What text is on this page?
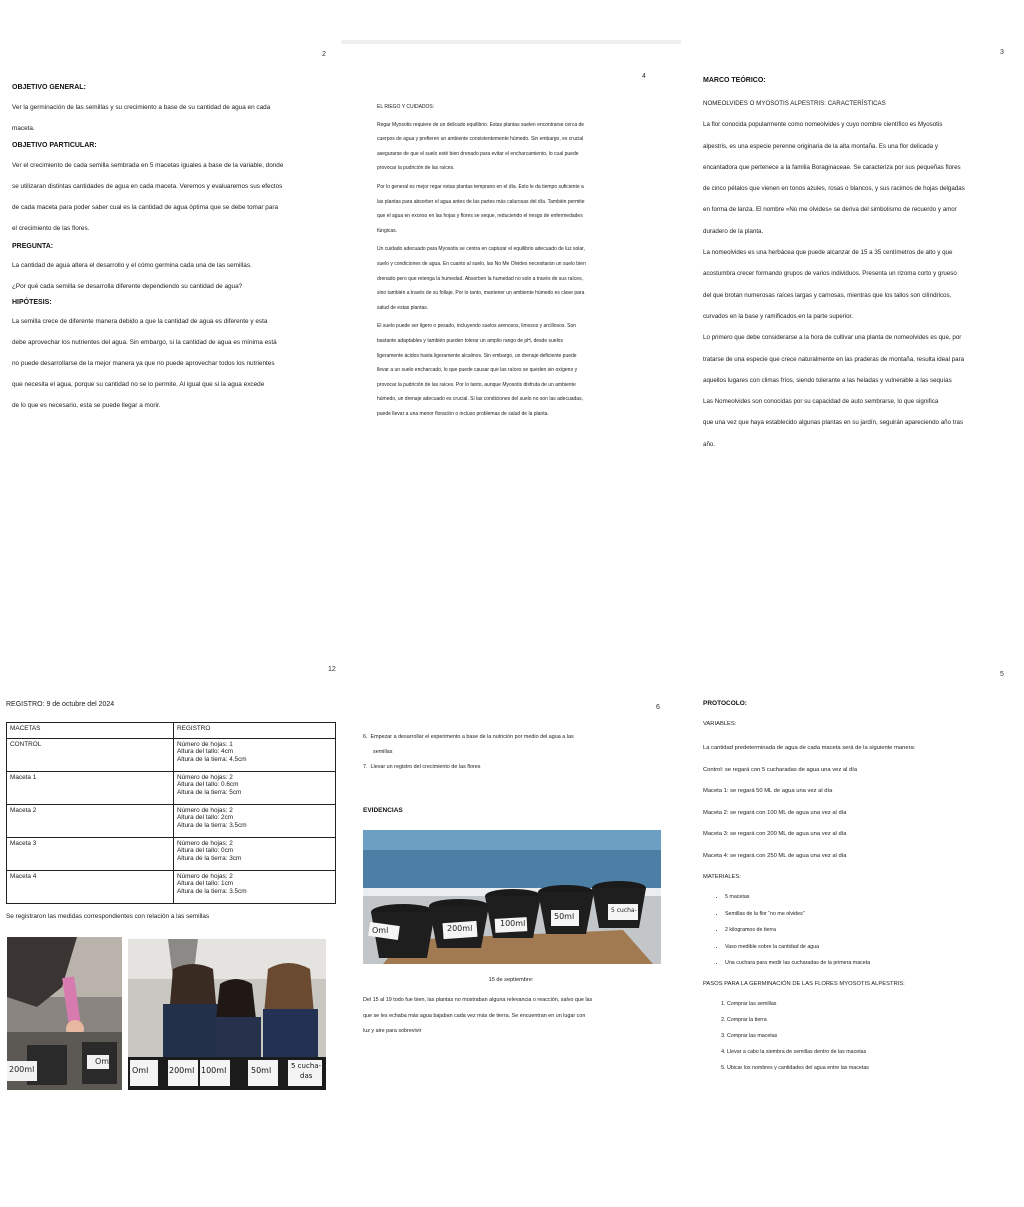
2

OBJETIVO GENERAL:

Ver la germinación de las semillas y su crecimiento a base de su cantidad de agua en cada

maceta.

OBJETIVO PARTICULAR:

Ver el crecimiento de cada semilla sembrada en 5 macetas iguales a base de la variable, donde

se utilizaran distintas cantidades de agua en cada maceta. Veremos y evaluaremos sus efectos

de cada maceta para poder saber cual es la cantidad de agua óptima que se debe tomar para

el crecimiento de las flores.

PREGUNTA:

La cantidad de agua altera el desarrollo y el cómo germina cada una de las semillas.

¿Por qué cada semilla se desarrolla diferente dependiendo su cantidad de agua?

HIPÓTESIS:

La semilla crece de diferente manera debido a que la cantidad de agua es diferente y esta

debe aprovechar los nutrientes del agua. Sin embargo, si la cantidad de agua es mínima está

no puede desarrollarse de la mejor manera ya que no puede aprovechar todos los nutrientes

que necesita el agua, porque su cantidad no se lo permite. Al igual que si la agua excede

de lo que es necesario, esta se puede llegar a morir.

4

EL RIEGO Y CUIDADOS:

Regar Myosotis requiere de un delicado equilibrio. Estas plantas suelen encontrarse cerca de

cuerpos de agua y prefieren un ambiente consistentemente húmedo. Sin embargo, es crucial

asegurarse de que el suelo esté bien drenado para evitar el encharcamiento, lo cual puede

provocar la pudrición de las raíces.

Por lo general es mejor regar estas plantas temprano en el día. Esto le da tiempo suficiente a

las plantas para absorber el agua antes de las partes más calurosas del día. También permite

que el agua en exceso en las hojas y flores se seque, reduciendo el riesgo de enfermedades

fúngicas.

Un cuidado adecuado para Myosotis se centra en capturar el equilibrio adecuado de luz solar,

suelo y condiciones de agua. En cuanto al suelo, las No Me Olvides necesitarán un suelo bien

drenado pero que retenga la humedad. Absorben la humedad no solo a través de sus raíces,

sino también a través de su follaje. Por lo tanto, mantener un ambiente húmedo es clave para

salud de estas plantas.

El suelo puede ser ligero o pesado, incluyendo suelos arenosos, limosos y arcillosos. Son

bastante adaptables y también pueden tolerar un amplio rango de pH, desde suelos

ligeramente ácidos hasta ligeramente alcalinos. Sin embargo, un drenaje deficiente puede

llevar a un suelo encharcado, lo que puede causar que las raíces se queden sin oxígeno y

provocar la pudrición de las raíces. Por lo tanto, aunque Myosotis disfruta de un ambiente

húmedo, un drenaje adecuado es crucial. Si las condiciones del suelo no son las adecuadas,

puede llevar a una menor floración o incluso problemas de salud de la planta.

3

MARCO TEÓRICO:

NOMEOLVIDES O MYOSOTIS ALPESTRIS: CARACTERÍSTICAS

La flor conocida popularmente como nomeolvides y cuyo nombre científico es Myosotis

alpestris, es una especie perenne originaria de la alta montaña. Es una flor delicada y

encantadora que pertenece a la familia Boraginaceae. Se caracteriza por sus pequeñas flores

de cinco pétalos que vienen en tonos azules, rosas o blancos, y sus racimos de hojas delgadas

en forma de lanza. El nombre «No me olvides» se deriva del simbolismo de recuerdo y amor

duradero de la planta.

La nomeolvides es una herbácea que puede alcanzar de 15 a 35 centímetros de alto y que

acostumbra crecer formando grupos de varios individuos. Presenta un rizoma corto y grueso

del que brotan numerosas raíces largas y carnosas, mientras que los tallos son cilíndricos,

curvados en la base y ramificados en la parte superior.

Lo primero que debe considerarse a la hora de cultivar una planta de nomeolvides es que, por

tratarse de una especie que crece naturalmente en las praderas de montaña, resulta ideal para

aquellos lugares con climas fríos, siendo tolerante a las heladas y vulnerable a las sequías

Las Nomeolvides son conocidas por su capacidad de auto sembrarse, lo que significa

que una vez que haya establecido algunas plantas en su jardín, seguirán apareciendo año tras

año.

12

REGISTRO: 9 de octubre del 2024

MACETAS	REGISTRO
CONTROL	Número de hojas: 1
Altura del tallo: 4cm
Altura de la tierra: 4.5cm

Maceta 1	Número de hojas: 2
Altura del tallo: 0.6cm
Altura de la tierra: 5cm

Maceta 2	Número de hojas: 2
Altura del tallo: 2cm
Altura de la tierra: 3.5cm

Maceta 3	Número de hojas: 2
Altura del tallo: 0cm
Altura de la tierra: 3cm

Maceta 4	Número de hojas: 2
Altura del tallo: 1cm
Altura de la tierra: 3.5cm

Se registraron las medidas correspondientes con relación a las semillas

Oml
200ml	Oml	200ml 100ml	50ml	5 cucha-
das
6

6. Empezar a desarrollar el experimento a base de la nutrición por medio del agua a las

semillas

7. Llevar un registro del crecimiento de las flores

EVIDENCIAS

200ml
100ml
50ml
Oml
5 cucha-

15 de septiembre:

Del 15 al 19 todo fue bien, las plantas no mostraban alguna relevancia o reacción, salvo que las

que se les echaba más agua bajaban cada vez más de tierra. Se encuentran en un lugar con

luz y aire para sobrevivir

5

PROTOCOLO:

VARIABLES:

La cantidad predeterminada de agua de cada maceta será de la siguiente manera:

Control: se regará con 5 cucharadas de agua una vez al día

Maceta 1: se regará 50 ML de agua una vez al día

Maceta 2: se regará con 100 ML de agua una vez al día

Maceta 3: se regará con 200 ML de agua una vez al día

Maceta 4: se regará con 250 ML de agua una vez al día

MATERIALES:

• 5 macetas
• Semillas de la flor “no me olvides”
• 2 kilogramos de tierra
• Vaso medible sobre la cantidad de agua
• Una cuchara para medir las cucharadas de la primera maceta

PASOS PARA LA GERMINACIÓN DE LAS FLORES MYOSOTIS ALPESTRIS:

1. Comprar las semillas
2. Comprar la tierra
3. Comprar las macetas
4. Llevar a cabo la siembra de semillas dentro de las macetas
5. Ubicar los nombres y cantidades del agua entre las macetas
